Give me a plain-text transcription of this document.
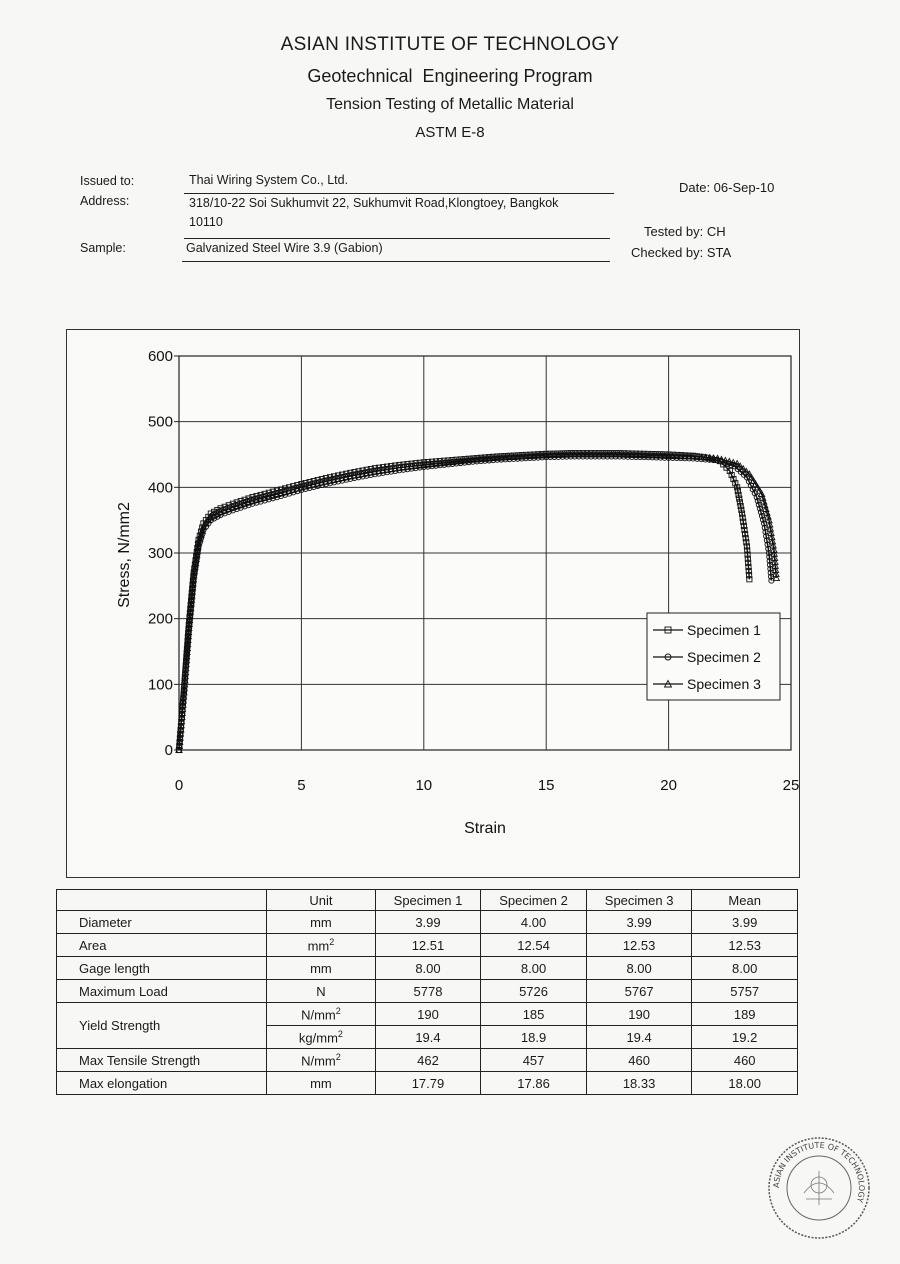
ASIAN INSTITUTE OF TECHNOLOGY
Geotechnical  Engineering Program
Tension Testing of Metallic Material
ASTM E-8
Issued to:	Thai Wiring System Co., Ltd.
Address:	318/10-22 Soi Sukhumvit 22, Sukhumvit Road,Klongtoey, Bangkok
10110
Sample:	Galvanized Steel Wire 3.9 (Gabion)
Date: 06-Sep-10
Tested by: CH
Checked by: STA
0	5	10	15	20	25
0
100
200
300
400
500
600
Strain
Stress, N/mm2
Specimen 1
Specimen 2
Specimen 3
	Unit	Specimen 1	Specimen 2	Specimen 3	Mean
Diameter	mm	3.99	4.00	3.99	3.99
Area	$mm^2$	12.51	12.54	12.53	12.53
Gage length	mm	8.00	8.00	8.00	8.00
Maximum Load	N	5778	5726	5767	5757
Yield Strength	$N/mm^2$	190	185	190	189
	$kg/mm^2$	19.4	18.9	19.4	19.2
Max Tensile Strength	$N/mm^2$	462	457	460	460
Max elongation	mm	17.79	17.86	18.33	18.00
ASIAN INSTITUTE OF TECHNOLOGY
